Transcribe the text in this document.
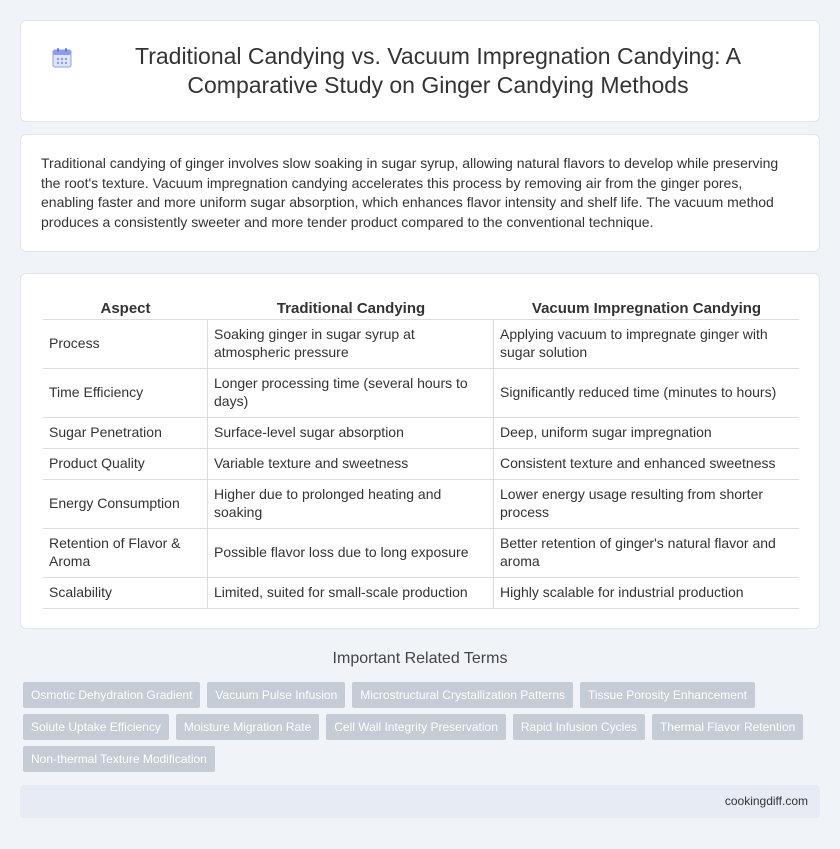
Traditional Candying vs. Vacuum Impregnation Candying: A Comparative Study on Ginger Candying Methods

Traditional candying of ginger involves slow soaking in sugar syrup, allowing natural flavors to develop while preserving the root's texture. Vacuum impregnation candying accelerates this process by removing air from the ginger pores, enabling faster and more uniform sugar absorption, which enhances flavor intensity and shelf life. The vacuum method produces a consistently sweeter and more tender product compared to the conventional technique.

Aspect	Traditional Candying	Vacuum Impregnation Candying
Process	Soaking ginger in sugar syrup at atmospheric pressure	Applying vacuum to impregnate ginger with sugar solution
Time Efficiency	Longer processing time (several hours to days)	Significantly reduced time (minutes to hours)
Sugar Penetration	Surface-level sugar absorption	Deep, uniform sugar impregnation
Product Quality	Variable texture and sweetness	Consistent texture and enhanced sweetness
Energy Consumption	Higher due to prolonged heating and soaking	Lower energy usage resulting from shorter process
Retention of Flavor & Aroma	Possible flavor loss due to long exposure	Better retention of ginger's natural flavor and aroma
Scalability	Limited, suited for small-scale production	Highly scalable for industrial production
Important Related Terms
Osmotic Dehydration Gradient	Vacuum Pulse Infusion	Microstructural Crystallization Patterns	Tissue Porosity Enhancement
Solute Uptake Efficiency	Moisture Migration Rate	Cell Wall Integrity Preservation	Rapid Infusion Cycles	Thermal Flavor Retention
Non-thermal Texture Modification
cookingdiff.com
